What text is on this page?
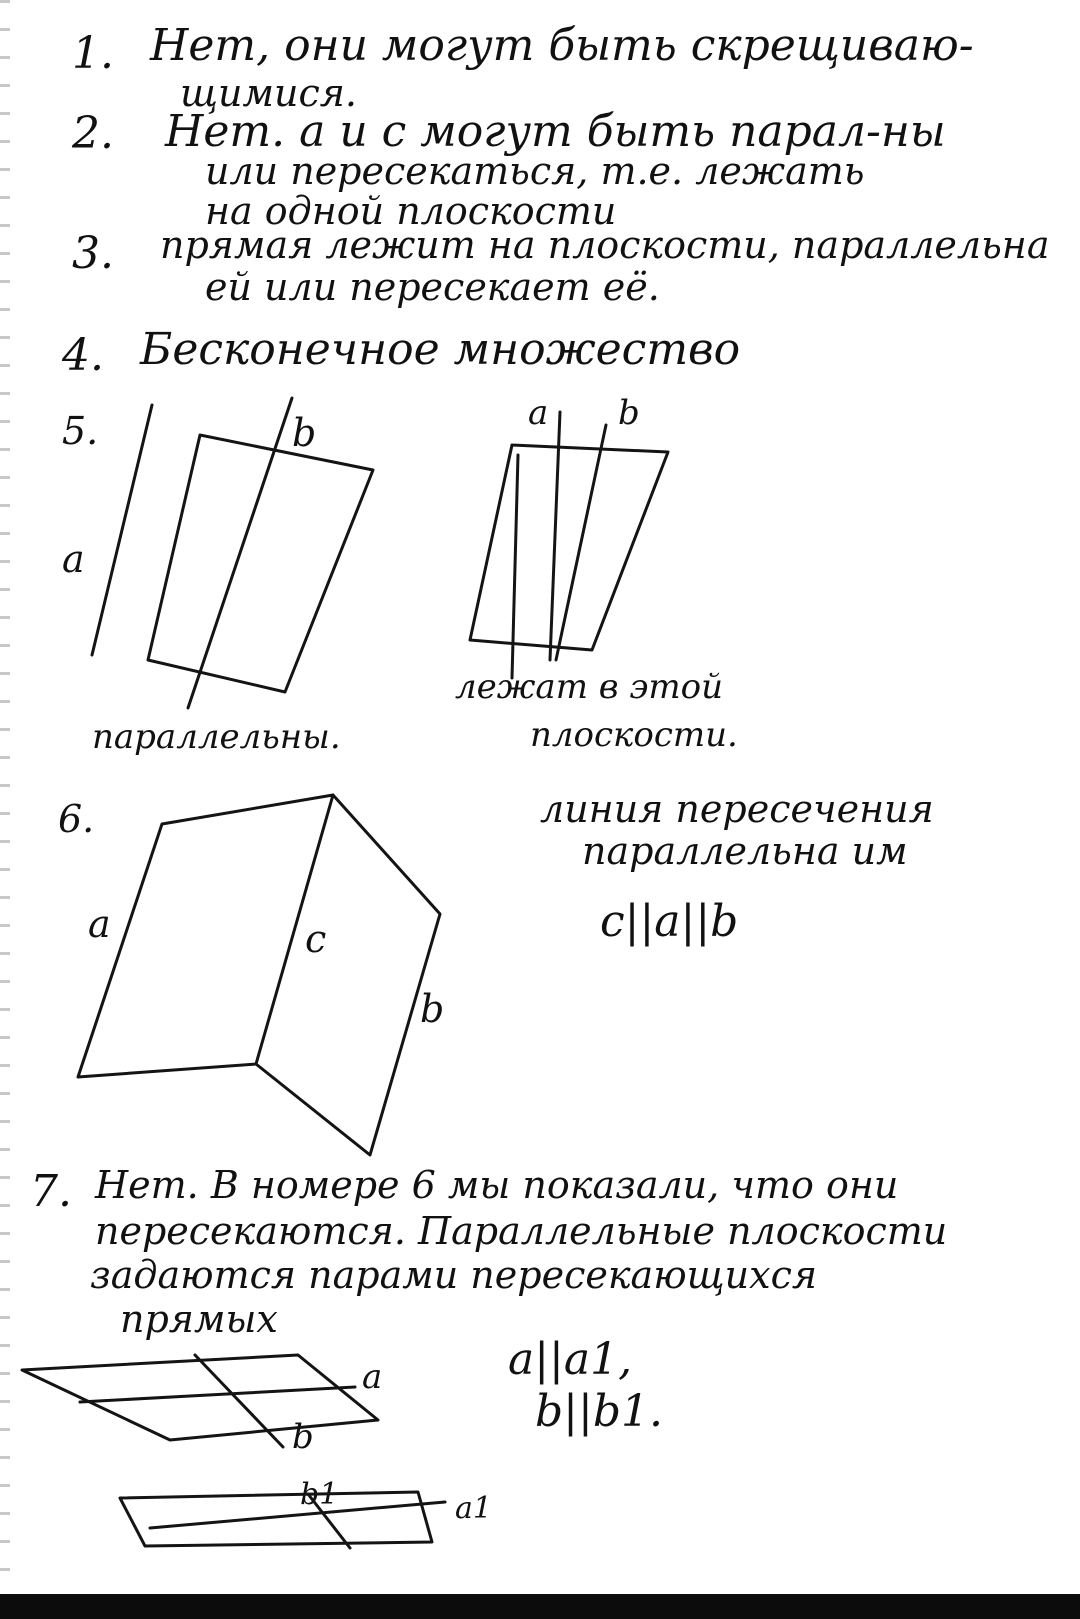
1. Нет, они могут быть скрещиваю-
щимися.
2. Нет. a и c могут быть парал-ны
или пересекаться, т.е. лежать
на одной плоскости
3. прямая лежит на плоскости, параллельна
ей или пересекает её.
4. Бесконечное множество
5.
a
b
параллельны.
a b
лежат в этой
плоскости.
6.
a	c
b
линия пересечения
параллельна им
c||a||b
7. Нет. В номере 6 мы показали, что они
пересекаются. Параллельные плоскости
задаются парами пересекающихся
прямых
a||a1,
b||b1.
a
b
b1	a1
